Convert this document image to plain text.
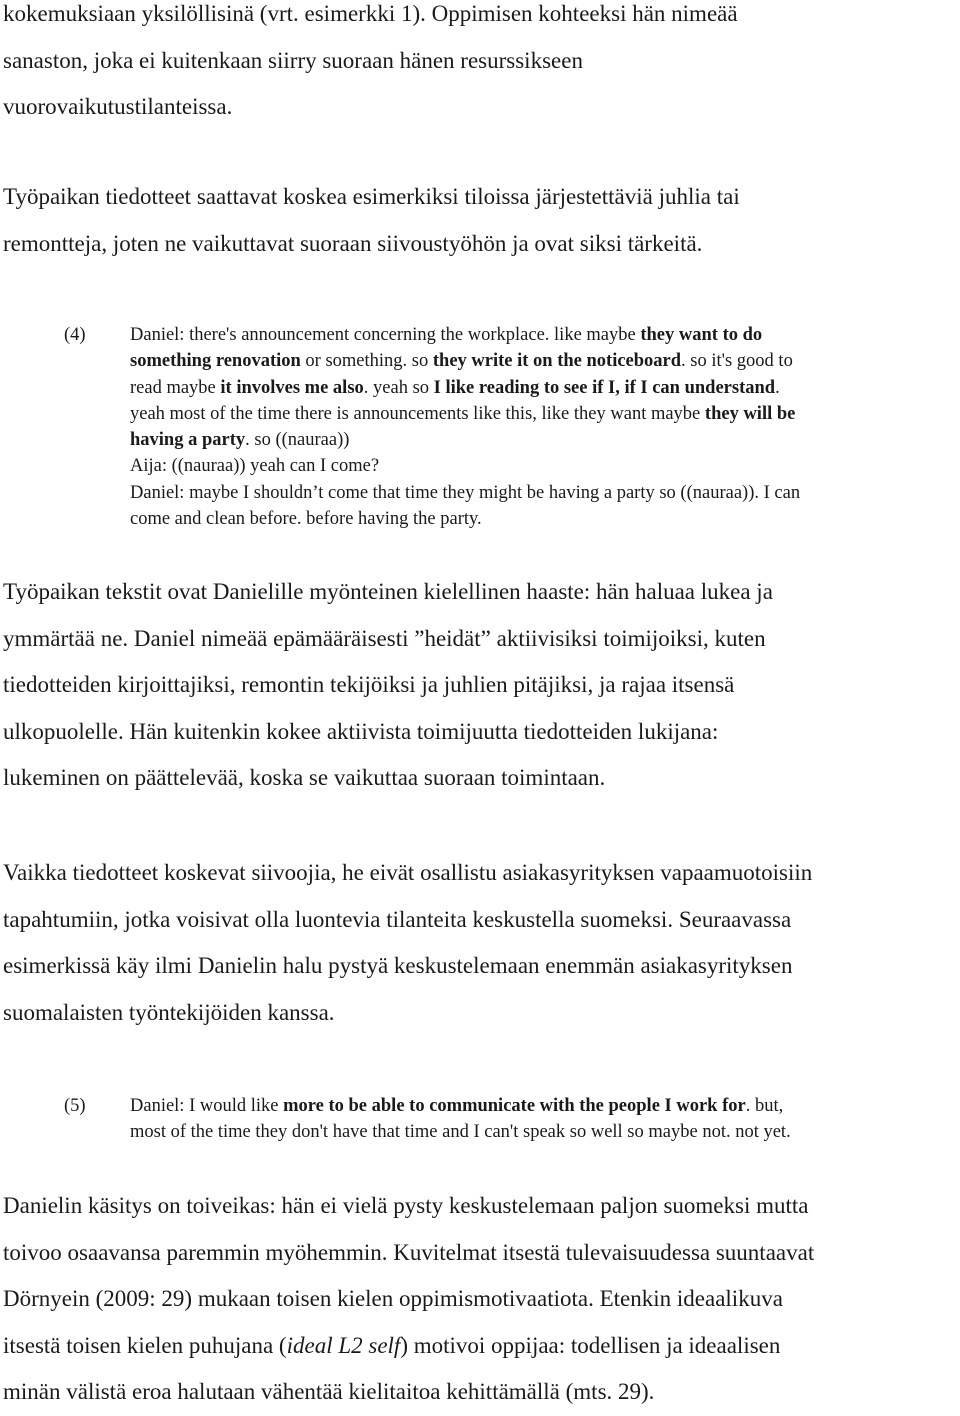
kokemuksiaan yksilöllisinä (vrt. esimerkki 1). Oppimisen kohteeksi hän nimeää
sanaston, joka ei kuitenkaan siirry suoraan hänen resurssikseen
vuorovaikutustilanteissa.
Työpaikan tiedotteet saattavat koskea esimerkiksi tiloissa järjestettäviä juhlia tai
remontteja, joten ne vaikuttavat suoraan siivoustyöhön ja ovat siksi tärkeitä.
(4) Daniel: there's announcement concerning the workplace. like maybe they want to do
something renovation or something. so they write it on the noticeboard. so it's good to
read maybe it involves me also. yeah so I like reading to see if I, if I can understand.
yeah most of the time there is announcements like this, like they want maybe they will be
having a party. so ((nauraa))
Aija: ((nauraa)) yeah can I come?
Daniel: maybe I shouldn’t come that time they might be having a party so ((nauraa)). I can
come and clean before. before having the party.
Työpaikan tekstit ovat Danielille myönteinen kielellinen haaste: hän haluaa lukea ja
ymmärtää ne. Daniel nimeää epämääräisesti ”heidät” aktiivisiksi toimijoiksi, kuten
tiedotteiden kirjoittajiksi, remontin tekijöiksi ja juhlien pitäjiksi, ja rajaa itsensä
ulkopuolelle. Hän kuitenkin kokee aktiivista toimijuutta tiedotteiden lukijana:
lukeminen on päättelevää, koska se vaikuttaa suoraan toimintaan.
Vaikka tiedotteet koskevat siivoojia, he eivät osallistu asiakasyrityksen vapaamuotoisiin
tapahtumiin, jotka voisivat olla luontevia tilanteita keskustella suomeksi. Seuraavassa
esimerkissä käy ilmi Danielin halu pystyä keskustelemaan enemmän asiakasyrityksen
suomalaisten työntekijöiden kanssa.
(5) Daniel: I would like more to be able to communicate with the people I work for. but,
most of the time they don't have that time and I can't speak so well so maybe not. not yet.
Danielin käsitys on toiveikas: hän ei vielä pysty keskustelemaan paljon suomeksi mutta
toivoo osaavansa paremmin myöhemmin. Kuvitelmat itsestä tulevaisuudessa suuntaavat
Dörnyein (2009: 29) mukaan toisen kielen oppimismotivaatiota. Etenkin ideaalikuva
itsestä toisen kielen puhujana (ideal L2 self) motivoi oppijaa: todellisen ja ideaalisen
minän välistä eroa halutaan vähentää kielitaitoa kehittämällä (mts. 29).
